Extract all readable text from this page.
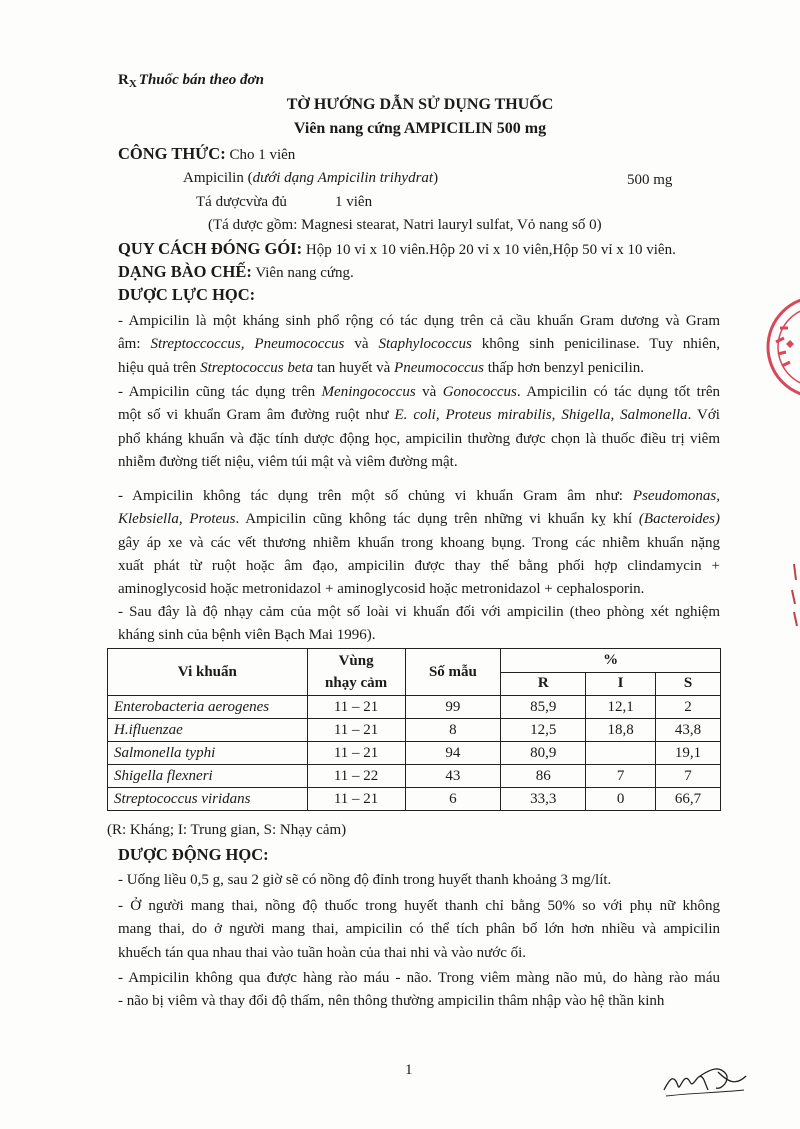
$R_X$ Thuốc bán theo đơn
TỜ HƯỚNG DẪN SỬ DỤNG THUỐC
Viên nang cứng AMPICILIN 500 mg
CÔNG THỨC: Cho 1 viên
Ampicilin (dưới dạng Ampicilin trihydrat)	500 mg
Tá dượcvừa đủ	1 viên
(Tá dược gồm: Magnesi stearat, Natri lauryl sulfat, Vỏ nang số 0)
QUY CÁCH ĐÓNG GÓI: Hộp 10 vỉ x 10 viên.Hộp 20 vỉ x 10 viên,Hộp 50 vỉ x 10 viên.
DẠNG BÀO CHẾ: Viên nang cứng.
DƯỢC LỰC HỌC:
- Ampicilin là một kháng sinh phổ rộng có tác dụng trên cả cầu khuẩn Gram dương và Gram
âm: Streptoccoccus, Pneumococcus và Staphylococcus không sinh penicilinase. Tuy nhiên,
hiệu quả trên Streptococcus beta tan huyết và Pneumococcus thấp hơn benzyl penicilin.
- Ampicilin cũng tác dụng trên Meningococcus và Gonococcus. Ampicilin có tác dụng tốt trên
một số vi khuẩn Gram âm đường ruột như E. coli, Proteus mirabilis, Shigella, Salmonella. Với
phổ kháng khuẩn và đặc tính dược động học, ampicilin thường được chọn là thuốc điều trị viêm
nhiễm đường tiết niệu, viêm túi mật và viêm đường mật.
- Ampicilin không tác dụng trên một số chủng vi khuẩn Gram âm như: Pseudomonas,
Klebsiella, Proteus. Ampicilin cũng không tác dụng trên những vi khuẩn kỵ khí (Bacteroides)
gây áp xe và các vết thương nhiễm khuẩn trong khoang bụng. Trong các nhiễm khuẩn nặng
xuất phát từ ruột hoặc âm đạo, ampicilin được thay thế bằng phối hợp clindamycin +
aminoglycosid hoặc metronidazol + aminoglycosid hoặc metronidazol + cephalosporin.
- Sau đây là độ nhạy cảm của một số loài vi khuẩn đối với ampicilin (theo phòng xét nghiệm
kháng sinh của bệnh viên Bạch Mai 1996).
Vi khuẩn	Vùng
nhạy cảm	Số mẫu	%		
			R	I	S
Enterobacteria aerogenes	11 – 21	99	85,9	12,1	2
H.ifluenzae	11 – 21	8	12,5	18,8	43,8
Salmonella typhi	11 – 21	94	80,9		19,1
Shigella flexneri	11 – 22	43	86	7	7
Streptococcus viridans	11 – 21	6	33,3	0	66,7
(R: Kháng; I: Trung gian, S: Nhạy cảm)
DƯỢC ĐỘNG HỌC:
- Uống liều 0,5 g, sau 2 giờ sẽ có nồng độ đỉnh trong huyết thanh khoảng 3 mg/lít.
- Ở người mang thai, nồng độ thuốc trong huyết thanh chỉ bằng 50% so với phụ nữ không
mang thai, do ở người mang thai, ampicilin có thể tích phân bố lớn hơn nhiều và ampicilin
khuếch tán qua nhau thai vào tuần hoàn của thai nhi và vào nước ối.
- Ampicilin không qua được hàng rào máu - não. Trong viêm màng não mủ, do hàng rào máu
- não bị viêm và thay đổi độ thấm, nên thông thường ampicilin thâm nhập vào hệ thần kinh
1
